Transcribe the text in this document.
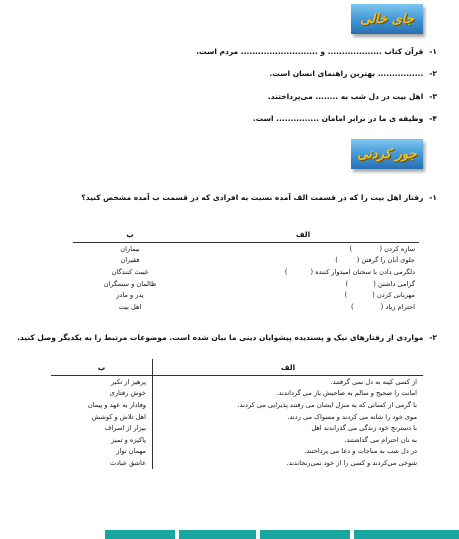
جای خالی
۱-قرآن کتاب ................... و ........................... مردم است.
۲-................ بهترین راهنمای انسان است.
۳-اهل بیت در دل شب به ........ می‌پرداختند.
۴-وظیفه ی ما در برابر امامان ............... است.
جور کردنی
۱-رفتار اهل بیت را که در قسمت الف آمده نسبت به افرادی که در قسمت ب آمده مشخص کنید؟
الف	ب
سازه کردن (             )	بیماران
جلوی آنان را گرفتن (         )	فقیران
دلگرمی دادن با سخنان امیدوار کننده (           )	غیبت کنندگان
گرامی داشتن (            )	ظالمان و ستمگران
مهربانی کردن (            )	پدر و مادر
احترام زیاد (             )	اهل بیت
۲-مواردی از رفتارهای نیک و پسندیده پیشوایان دینی ما بیان شده است. موضوعات مرتبط را به یکدیگر وصل کنید.
الف	ب
از کسی کینه به دل نمی گرفتند.	پرهیز از تکبر
امانت را صحیح و سالم به صاحبش باز می گرداندند.	خوش رفتاری
با گرمی از کسانی که به منزل ایشان می رفتند پذیرایی می کردند.	وفادار به عهد و پیمان
موی خود را شانه می کردند و مسواک می زدند.	اهل تلاش و کوشش
با دسترنج خود زندگی می گذراندند اهل	بیزار از اسراف
به نان احترام می گذاشتند.	پاکیزه و تمیز
در دل شب به مناجات و دعا می پرداختند.	مهمان نواز
شوخی می‌کردند و کسی را از خود نمی‌رنجاندند.	عاشق عبادت
